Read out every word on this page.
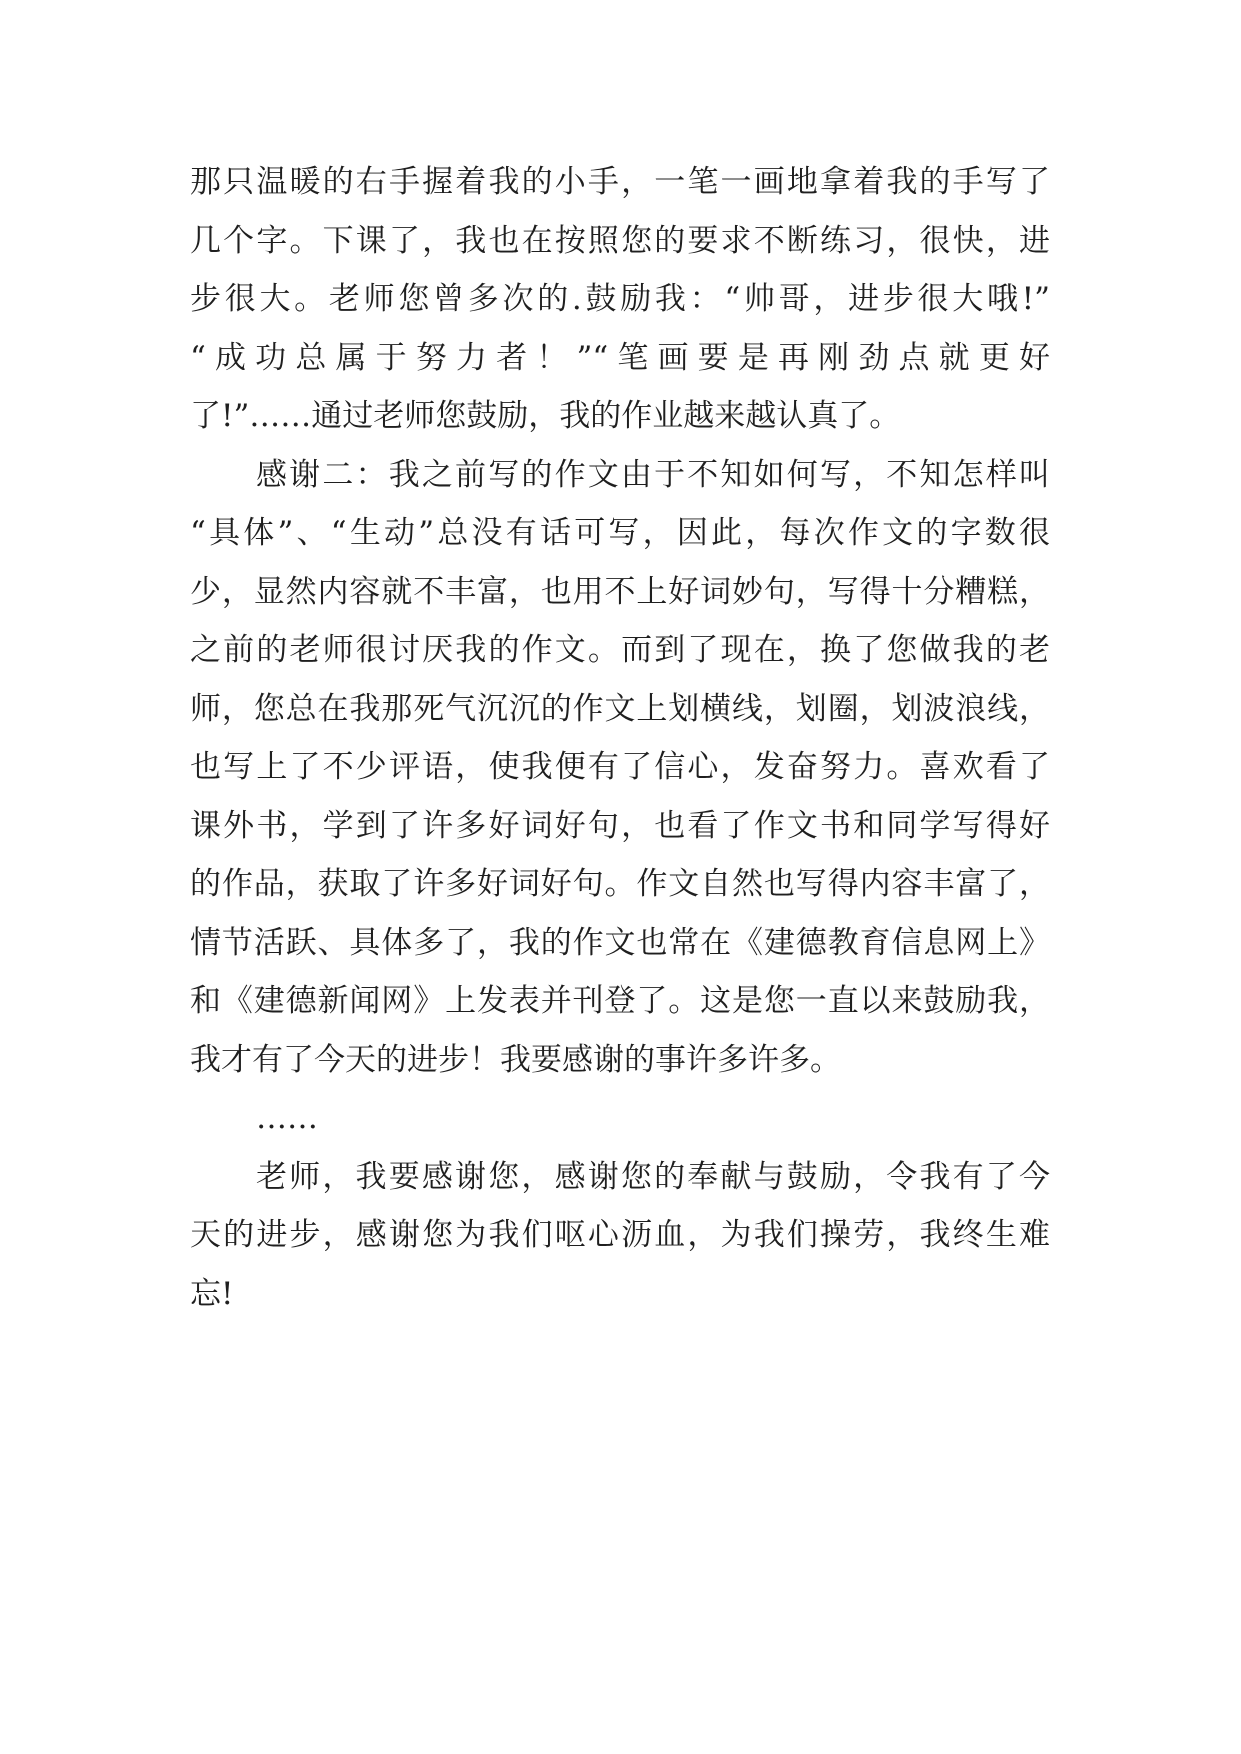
那只温暖的右手握着我的小手，一笔一画地拿着我的手写了
几个字。下课了，我也在按照您的要求不断练习，很快，进
步很大。老师您曾多次的.鼓励我：“帅哥，进步很大哦!”
“成功总属于努力者！”“笔画要是再刚劲点就更好
了!”……通过老师您鼓励，我的作业越来越认真了。
感谢二：我之前写的作文由于不知如何写，不知怎样叫
“具体”、“生动”总没有话可写，因此，每次作文的字数很
少，显然内容就不丰富，也用不上好词妙句，写得十分糟糕，
之前的老师很讨厌我的作文。而到了现在，换了您做我的老
师，您总在我那死气沉沉的作文上划横线，划圈，划波浪线，
也写上了不少评语，使我便有了信心，发奋努力。喜欢看了
课外书，学到了许多好词好句，也看了作文书和同学写得好
的作品，获取了许多好词好句。作文自然也写得内容丰富了，
情节活跃、具体多了，我的作文也常在《建德教育信息网上》
和《建德新闻网》上发表并刊登了。这是您一直以来鼓励我，
我才有了今天的进步！我要感谢的事许多许多。
……
老师，我要感谢您，感谢您的奉献与鼓励，令我有了今
天的进步，感谢您为我们呕心沥血，为我们操劳，我终生难
忘!
